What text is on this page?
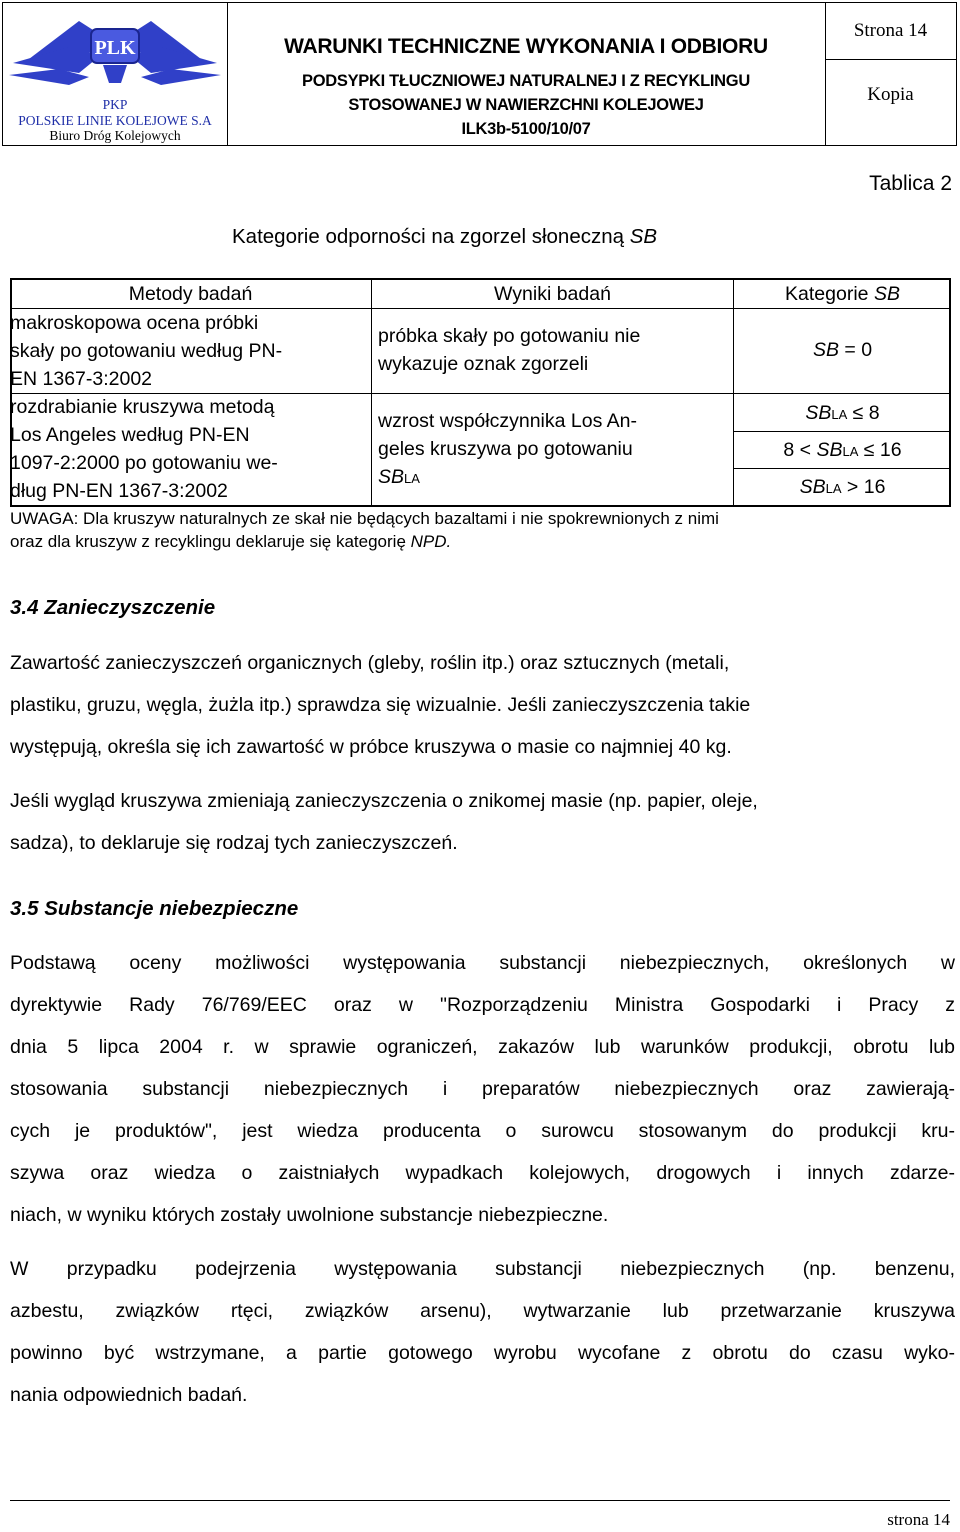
PLK
PKP
POLSKIE LINIE KOLEJOWE S.A
Biuro Dróg Kolejowych
WARUNKI TECHNICZNE WYKONANIA I ODBIORU
PODSYPKI TŁUCZNIOWEJ NATURALNEJ I Z RECYKLINGU
STOSOWANEJ W NAWIERZCHNI KOLEJOWEJ
ILK3b-5100/10/07
Strona 14
Kopia
Tablica 2
Kategorie odporności na zgorzel słoneczną SB
Metody badań	Wyniki badań	Kategorie SB
makroskopowa ocena próbki
skały po gotowaniu według PN-
EN 1367-3:2002
próbka skały po gotowaniu nie
wykazuje oznak zgorzeli
SB = 0
rozdrabianie kruszywa metodą
Los Angeles według PN-EN
1097-2:2000 po gotowaniu we-
dług PN-EN 1367-3:2002
wzrost współczynnika Los An-
geles kruszywa po gotowaniu
SBLA
SBLA ≤ 8
8 < SBLA ≤ 16
SBLA > 16
UWAGA: Dla kruszyw naturalnych ze skał nie będących bazaltami i nie spokrewnionych z nimi
oraz dla kruszyw z recyklingu deklaruje się kategorię NPD.
3.4 Zanieczyszczenie
Zawartość zanieczyszczeń organicznych (gleby, roślin itp.) oraz sztucznych (metali,
plastiku, gruzu, węgla, żużla itp.) sprawdza się wizualnie. Jeśli zanieczyszczenia takie
występują, określa się ich zawartość w próbce kruszywa o masie co najmniej 40 kg.
Jeśli wygląd kruszywa zmieniają zanieczyszczenia o znikomej masie (np. papier, oleje,
sadza), to deklaruje się rodzaj tych zanieczyszczeń.
3.5 Substancje niebezpieczne
Podstawą oceny możliwości występowania substancji niebezpiecznych, określonych w
dyrektywie Rady 76/769/EEC oraz w "Rozporządzeniu Ministra Gospodarki i Pracy z
dnia 5 lipca 2004 r. w sprawie ograniczeń, zakazów lub warunków produkcji, obrotu lub
stosowania substancji niebezpiecznych i preparatów niebezpiecznych oraz zawierają-
cych je produktów", jest wiedza producenta o surowcu stosowanym do produkcji kru-
szywa oraz wiedza o zaistniałych wypadkach kolejowych, drogowych i innych zdarze-
niach, w wyniku których zostały uwolnione substancje niebezpieczne.
W przypadku podejrzenia występowania substancji niebezpiecznych (np. benzenu,
azbestu, związków rtęci, związków arsenu), wytwarzanie lub przetwarzanie kruszywa
powinno być wstrzymane, a partie gotowego wyrobu wycofane z obrotu do czasu wyko-
nania odpowiednich badań.
strona 14
